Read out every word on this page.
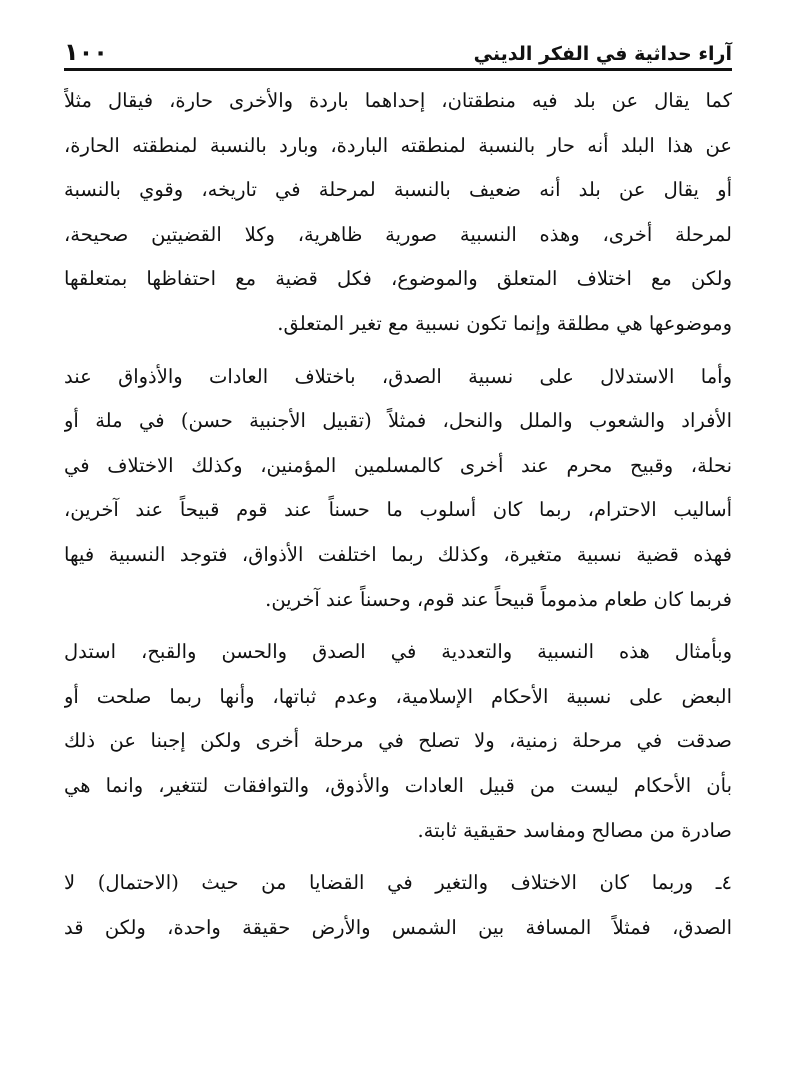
آراء حداثية في الفكر الديني
١٠٠

كما يقال عن بلد فيه منطقتان، إحداهما باردة والأخرى حارة، فيقال مثلاً
عن هذا البلد أنه حار بالنسبة لمنطقته الباردة، وبارد بالنسبة لمنطقته الحارة،
أو يقال عن بلد أنه ضعيف بالنسبة لمرحلة في تاريخه، وقوي بالنسبة
لمرحلة أخرى، وهذه النسبية صورية ظاهرية، وكلا القضيتين صحيحة،
ولكن مع اختلاف المتعلق والموضوع، فكل قضية مع احتفاظها بمتعلقها
وموضوعها هي مطلقة وإنما تكون نسبية مع تغير المتعلق.

وأما الاستدلال على نسبية الصدق، باختلاف العادات والأذواق عند
الأفراد والشعوب والملل والنحل، فمثلاً (تقبيل الأجنبية حسن) في ملة أو
نحلة، وقبيح محرم عند أخرى كالمسلمين المؤمنين، وكذلك الاختلاف في
أساليب الاحترام، ربما كان أسلوب ما حسناً عند قوم قبيحاً عند آخرين،
فهذه قضية نسبية متغيرة، وكذلك ربما اختلفت الأذواق، فتوجد النسبية فيها
فربما كان طعام مذموماً قبيحاً عند قوم، وحسناً عند آخرين.

وبأمثال هذه النسبية والتعددية في الصدق والحسن والقبح، استدل
البعض على نسبية الأحكام الإسلامية، وعدم ثباتها، وأنها ربما صلحت أو
صدقت في مرحلة زمنية، ولا تصلح في مرحلة أخرى ولكن إجبنا عن ذلك
بأن الأحكام ليست من قبيل العادات والأذوق، والتوافقات لتتغير، وانما هي
صادرة من مصالح ومفاسد حقيقية ثابتة.

٤ـ وربما كان الاختلاف والتغير في القضايا من حيث (الاحتمال) لا
الصدق، فمثلاً المسافة بين الشمس والأرض حقيقة واحدة، ولكن قد
